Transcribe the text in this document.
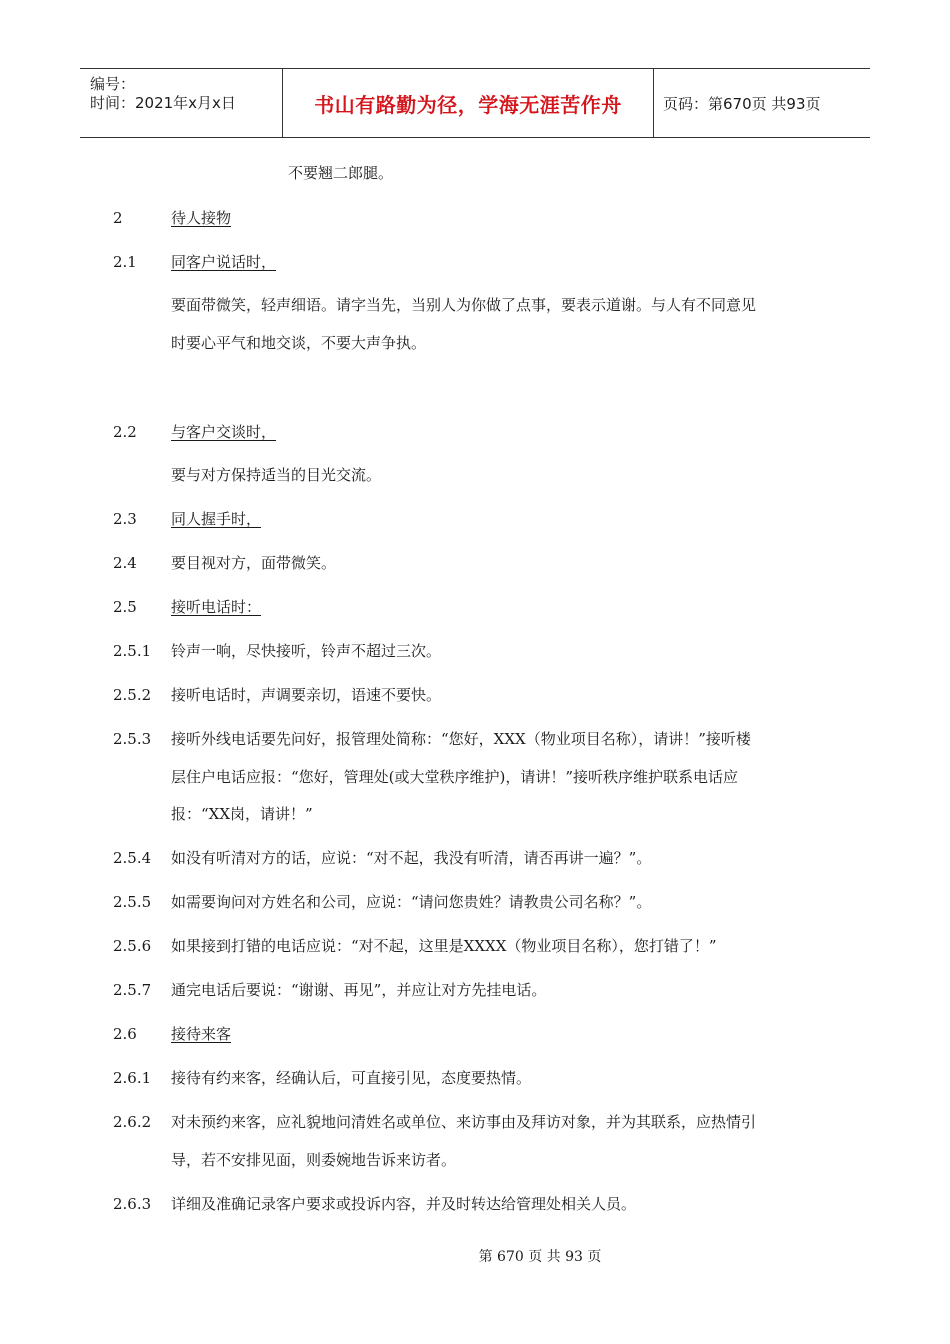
编号：
时间：2021年x月x日	书山有路勤为径，学海无涯苦作舟	页码：第670页 共93页
不要翘二郎腿。
2	待人接物
2.1 同客户说话时，
要面带微笑，轻声细语。请字当先，当别人为你做了点事，要表示道谢。与人有不同意见
时要心平气和地交谈，不要大声争执。
2.2 与客户交谈时，
要与对方保持适当的目光交流。
2.3 同人握手时，
2.4 要目视对方，面带微笑。
2.5 接听电话时：
2.5.1 铃声一响，尽快接听，铃声不超过三次。
2.5.2 接听电话时，声调要亲切，语速不要快。
2.5.3 接听外线电话要先问好，报管理处简称：“您好，XXX（物业项目名称），请讲！”接听楼
层住户电话应报：“您好，管理处(或大堂秩序维护)，请讲！”接听秩序维护联系电话应
报：“XX岗，请讲！”
2.5.4 如没有听清对方的话，应说：“对不起，我没有听清，请否再讲一遍？”。
2.5.5 如需要询问对方姓名和公司，应说：“请问您贵姓？请教贵公司名称？”。
2.5.6 如果接到打错的电话应说：“对不起，这里是XXXX（物业项目名称），您打错了！”
2.5.7 通完电话后要说：“谢谢、再见”，并应让对方先挂电话。
2.6 接待来客
2.6.1 接待有约来客，经确认后，可直接引见，态度要热情。
2.6.2 对未预约来客，应礼貌地问清姓名或单位、来访事由及拜访对象，并为其联系，应热情引
导，若不安排见面，则委婉地告诉来访者。
2.6.3 详细及准确记录客户要求或投诉内容，并及时转达给管理处相关人员。
第 670 页 共 93 页
